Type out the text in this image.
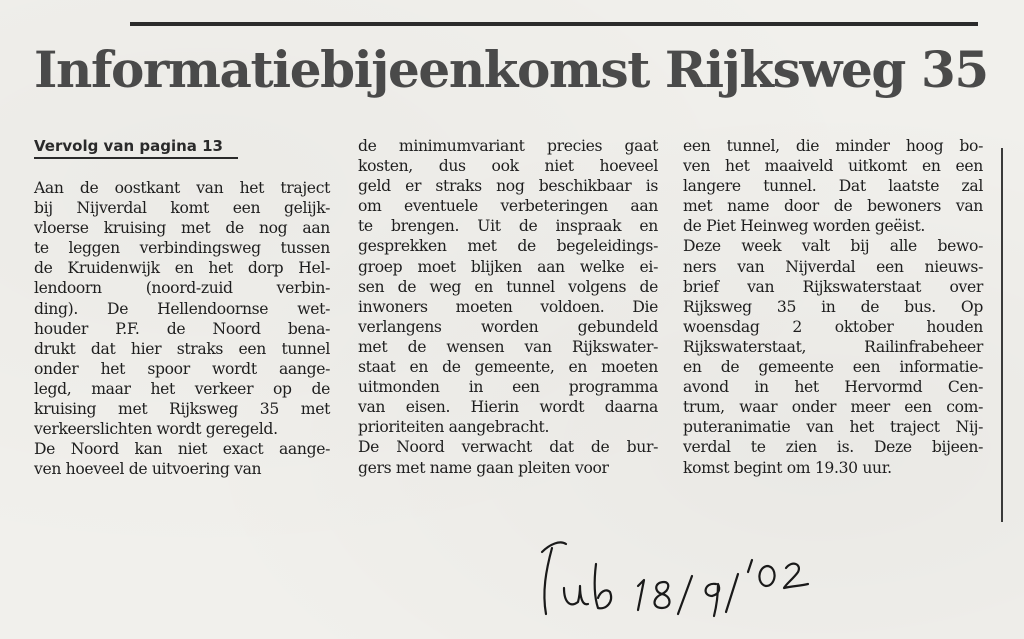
Informatiebijeenkomst Rijksweg 35

Vervolg van pagina 13

Aan de oostkant van het traject
bij Nijverdal komt een gelijk-
vloerse kruising met de nog aan
te leggen verbindingsweg tussen
de Kruidenwijk en het dorp Hel-
lendoorn (noord-zuid verbin-
ding). De Hellendoornse wet-
houder P.F. de Noord bena-
drukt dat hier straks een tunnel
onder het spoor wordt aange-
legd, maar het verkeer op de
kruising met Rijksweg 35 met
verkeerslichten wordt geregeld.
De Noord kan niet exact aange-
ven hoeveel de uitvoering van
de minimumvariant precies gaat
kosten, dus ook niet hoeveel
geld er straks nog beschikbaar is
om eventuele verbeteringen aan
te brengen. Uit de inspraak en
gesprekken met de begeleidings-
groep moet blijken aan welke ei-
sen de weg en tunnel volgens de
inwoners moeten voldoen. Die
verlangens worden gebundeld
met de wensen van Rijkswater-
staat en de gemeente, en moeten
uitmonden in een programma
van eisen. Hierin wordt daarna
prioriteiten aangebracht.
De Noord verwacht dat de bur-
gers met name gaan pleiten voor
een tunnel, die minder hoog bo-
ven het maaiveld uitkomt en een
langere tunnel. Dat laatste zal
met name door de bewoners van
de Piet Heinweg worden geëist.
Deze week valt bij alle bewo-
ners van Nijverdal een nieuws-
brief van Rijkswaterstaat over
Rijksweg 35 in de bus. Op
woensdag 2 oktober houden
Rijkswaterstaat, Railinfrabeheer
en de gemeente een informatie-
avond in het Hervormd Cen-
trum, waar onder meer een com-
puteranimatie van het traject Nij-
verdal te zien is. Deze bijeen-
komst begint om 19.30 uur.
